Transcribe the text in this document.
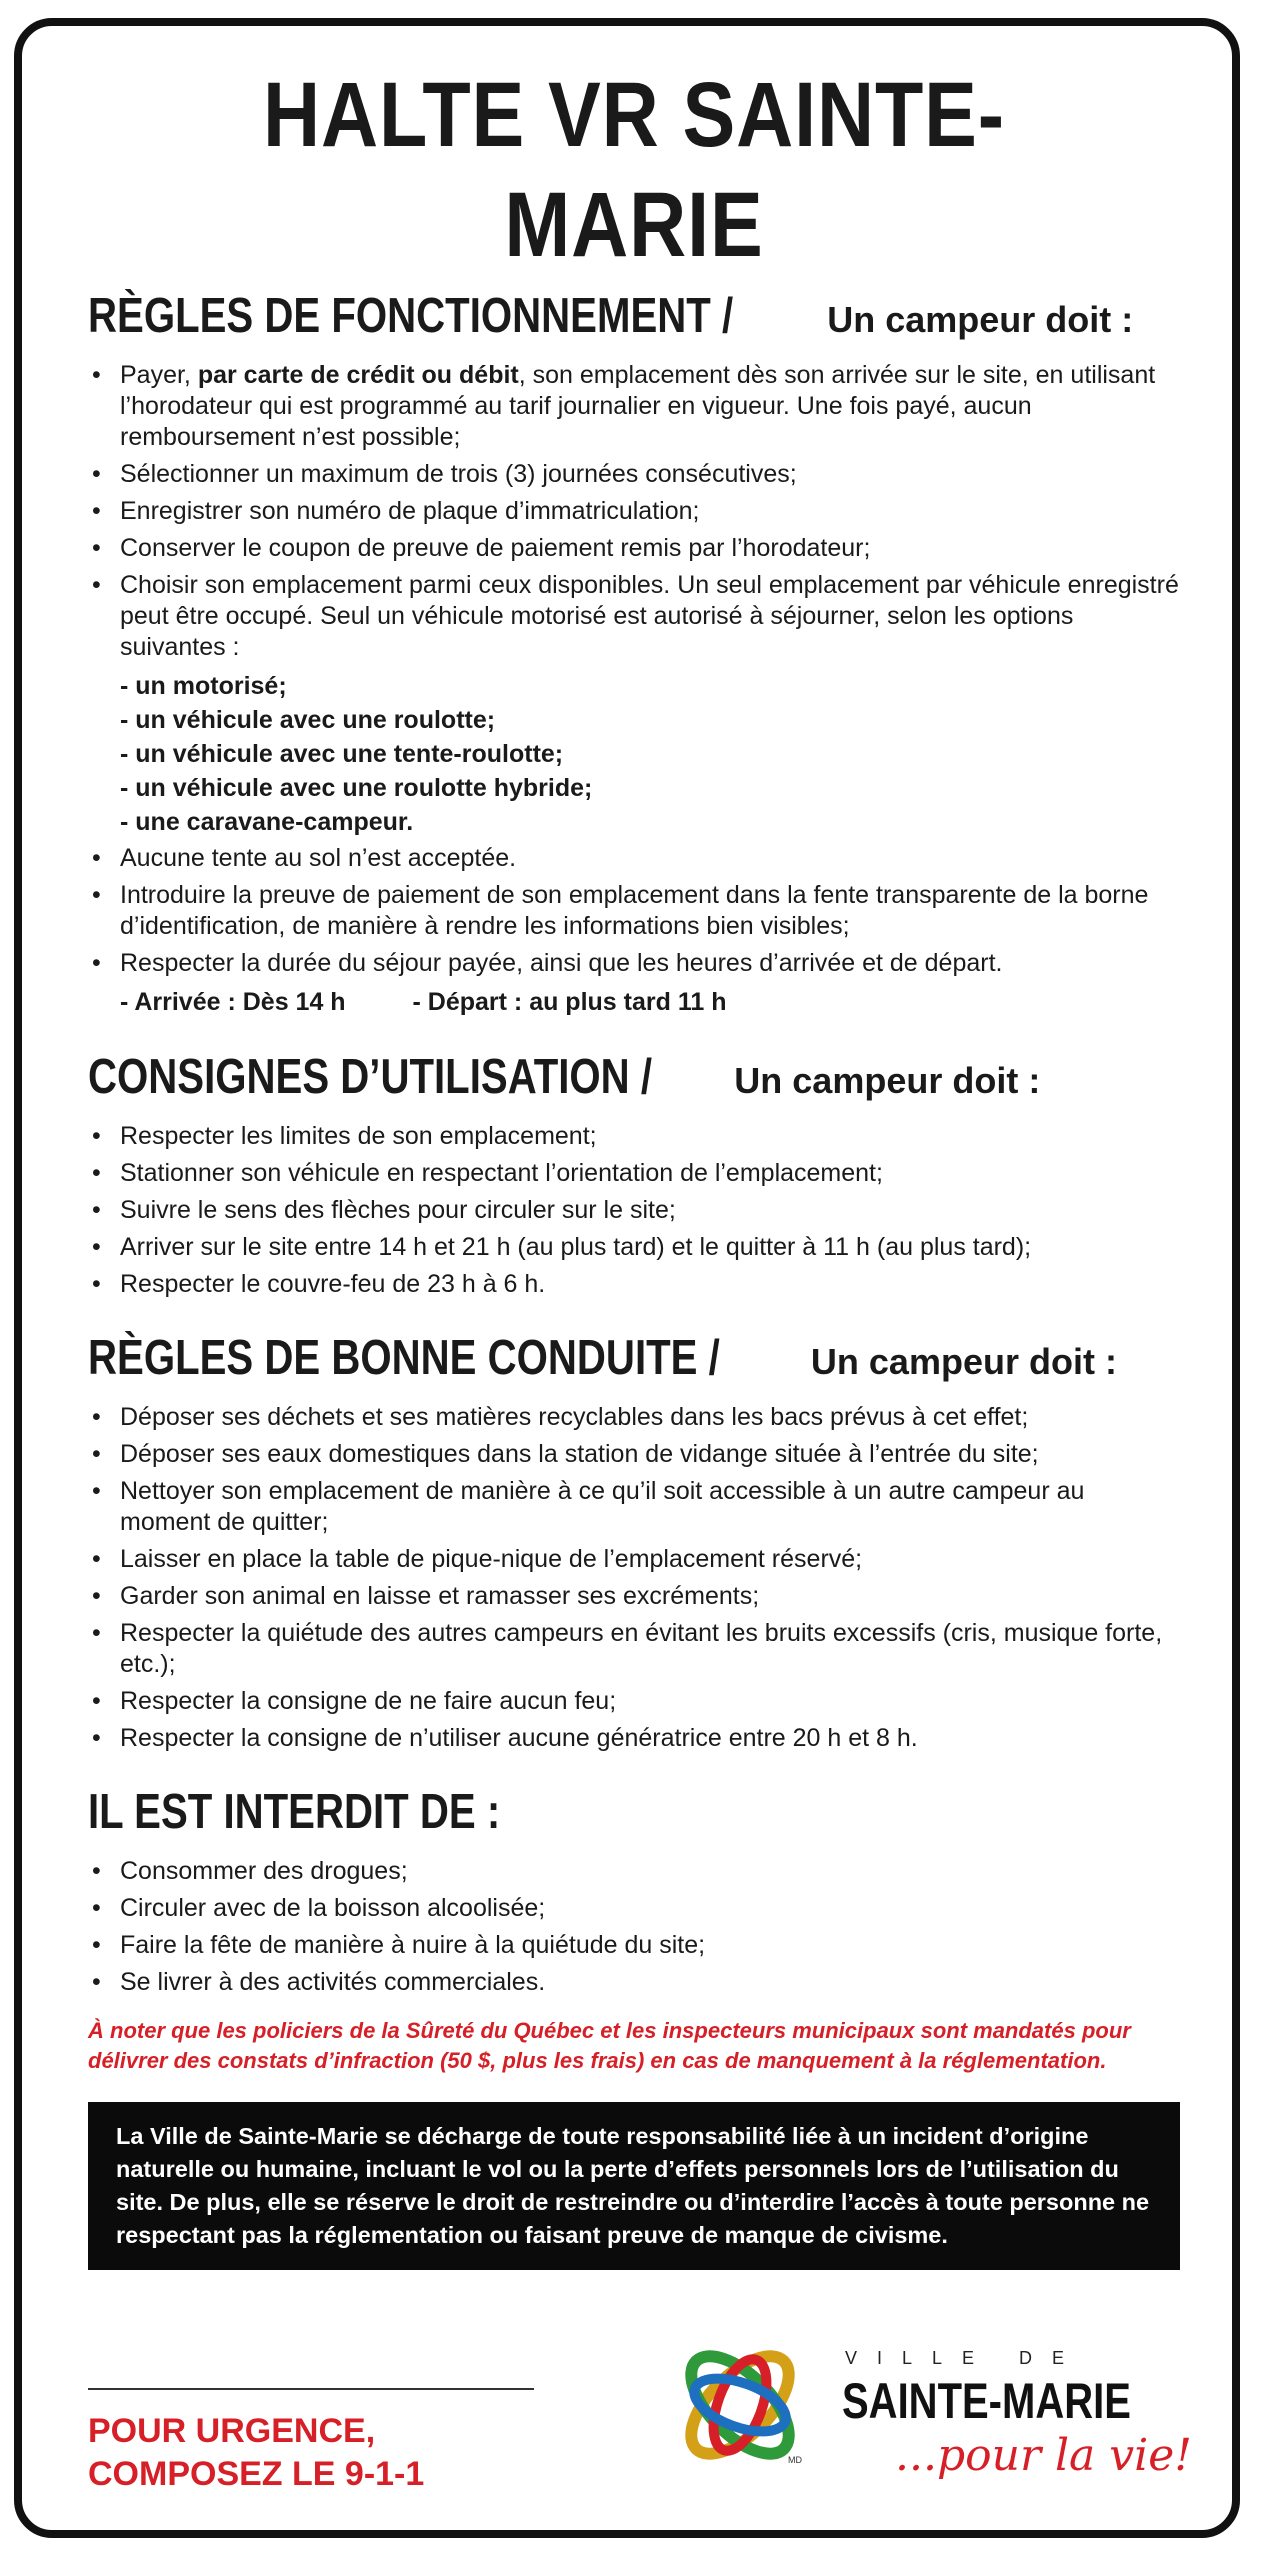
HALTE VR SAINTE-MARIE

RÈGLES DE FONCTIONNEMENT /	Un campeur doit :

• Payer, par carte de crédit ou débit, son emplacement dès son arrivée sur le site, en utilisant l’horodateur qui est programmé au tarif journalier en vigueur. Une fois payé, aucun remboursement n’est possible;
• Sélectionner un maximum de trois (3) journées consécutives;
• Enregistrer son numéro de plaque d’immatriculation;
• Conserver le coupon de preuve de paiement remis par l’horodateur;
• Choisir son emplacement parmi ceux disponibles. Un seul emplacement par véhicule enregistré peut être occupé. Seul un véhicule motorisé est autorisé à séjourner, selon les options suivantes :
- un motorisé;
- un véhicule avec une roulotte;
- un véhicule avec une tente-roulotte;
- un véhicule avec une roulotte hybride;
- une caravane-campeur.
• Aucune tente au sol n’est acceptée.
• Introduire la preuve de paiement de son emplacement dans la fente transparente de la borne d’identification, de manière à rendre les informations bien visibles;
• Respecter la durée du séjour payée, ainsi que les heures d’arrivée et de départ.
- Arrivée : Dès 14 h	- Départ : au plus tard 11 h

CONSIGNES D’UTILISATION / Un campeur doit :

• Respecter les limites de son emplacement;
• Stationner son véhicule en respectant l’orientation de l’emplacement;
• Suivre le sens des flèches pour circuler sur le site;
• Arriver sur le site entre 14 h et 21 h (au plus tard) et le quitter à 11 h (au plus tard);
• Respecter le couvre-feu de 23 h à 6 h.

RÈGLES DE BONNE CONDUITE /	Un campeur doit :

• Déposer ses déchets et ses matières recyclables dans les bacs prévus à cet effet;
• Déposer ses eaux domestiques dans la station de vidange située à l’entrée du site;
• Nettoyer son emplacement de manière à ce qu’il soit accessible à un autre campeur au moment de quitter;
• Laisser en place la table de pique-nique de l’emplacement réservé;
• Garder son animal en laisse et ramasser ses excréments;
• Respecter la quiétude des autres campeurs en évitant les bruits excessifs (cris, musique forte, etc.);
• Respecter la consigne de ne faire aucun feu;
• Respecter la consigne de n’utiliser aucune génératrice entre 20 h et 8 h.

IL EST INTERDIT DE :

• Consommer des drogues;
• Circuler avec de la boisson alcoolisée;
• Faire la fête de manière à nuire à la quiétude du site;
• Se livrer à des activités commerciales.
À noter que les policiers de la Sûreté du Québec et les inspecteurs municipaux sont mandatés pour délivrer des constats d’infraction (50 $, plus les frais) en cas de manquement à la réglementation.
La Ville de Sainte-Marie se décharge de toute responsabilité liée à un incident d’origine naturelle ou humaine, incluant le vol ou la perte d’effets personnels lors de l’utilisation du site. De plus, elle se réserve le droit de restreindre ou d’interdire l’accès à toute personne ne respectant pas la réglementation ou faisant preuve de manque de civisme.
POUR URGENCE,
COMPOSEZ LE 9-1-1	MD
VILLE DE
SAINTE-MARIE
...pour la vie!
